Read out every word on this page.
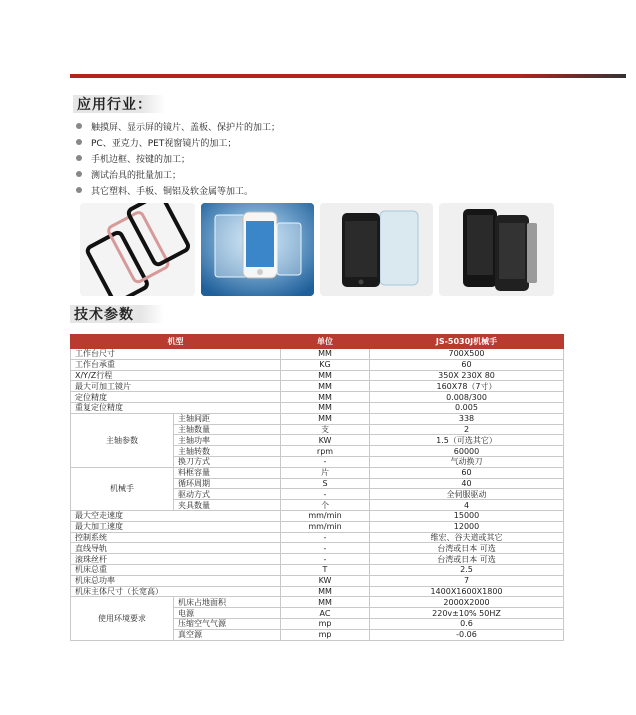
应用行业：
触摸屏、显示屏的镜片、盖板、保护片的加工；
PC、亚克力、PET视窗镜片的加工；
手机边框、按键的加工；
测试治具的批量加工；
其它塑料、手板、铜铝及软金属等加工。
技术参数
机型		单位	JS-5030J机械手
工作台尺寸		MM	700X500
工作台承重		KG	60
X/Y/Z行程		MM	350X 230X 80
最大可加工镜片		MM	160X78（7寸）
定位精度		MM	0.008/300
重复定位精度		MM	0.005
主轴参数	主轴间距	MM	338
	主轴数量	支	2
	主轴功率	KW	1.5（可选其它）
	主轴转数	rpm	60000
	换刀方式	-	气动换刀
机械手	料框容量	片	60
	循环周期	S	40
	驱动方式	-	全伺服驱动
	夹具数量	个	4
最大空走速度		mm/min	15000
最大加工速度		mm/min	12000
控制系统		-	维宏、谷夫道或其它
直线导轨		-	台湾或日本 可选
滚珠丝杆		-	台湾或日本 可选
机床总重		T	2.5
机床总功率		KW	7
机床主体尺寸（长宽高）		MM	1400X1600X1800
使用环境要求	机床占地面积	MM	2000X2000
	电源	AC	220v±10% 50HZ
	压缩空气气源	mp	0.6
	真空源	mp	-0.06
